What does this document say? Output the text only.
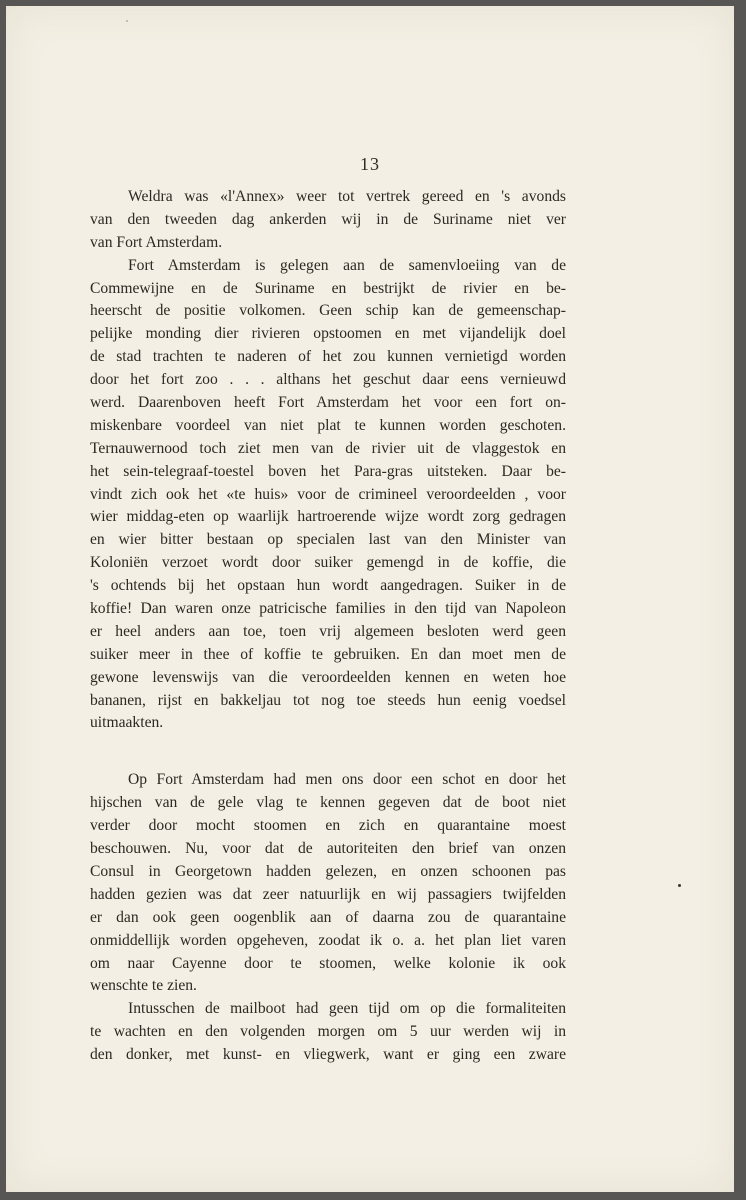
13
Weldra was «l'Annex» weer tot vertrek gereed en 's avonds
van den tweeden dag ankerden wij in de Suriname niet ver
van Fort Amsterdam.
Fort Amsterdam is gelegen aan de samenvloeiing van de
Commewijne en de Suriname en bestrijkt de rivier en be-
heerscht de positie volkomen. Geen schip kan de gemeenschap-
pelijke monding dier rivieren opstoomen en met vijandelijk doel
de stad trachten te naderen of het zou kunnen vernietigd worden
door het fort zoo . . . althans het geschut daar eens vernieuwd
werd. Daarenboven heeft Fort Amsterdam het voor een fort on-
miskenbare voordeel van niet plat te kunnen worden geschoten.
Ternauwernood toch ziet men van de rivier uit de vlaggestok en
het sein-telegraaf-toestel boven het Para-gras uitsteken. Daar be-
vindt zich ook het «te huis» voor de crimineel veroordeelden , voor
wier middag-eten op waarlijk hartroerende wijze wordt zorg gedragen
en wier bitter bestaan op specialen last van den Minister van
Koloniën verzoet wordt door suiker gemengd in de koffie, die
's ochtends bij het opstaan hun wordt aangedragen. Suiker in de
koffie! Dan waren onze patricische families in den tijd van Napoleon
er heel anders aan toe, toen vrij algemeen besloten werd geen
suiker meer in thee of koffie te gebruiken. En dan moet men de
gewone levenswijs van die veroordeelden kennen en weten hoe
bananen, rijst en bakkeljau tot nog toe steeds hun eenig voedsel
uitmaakten.
Op Fort Amsterdam had men ons door een schot en door het
hijschen van de gele vlag te kennen gegeven dat de boot niet
verder door mocht stoomen en zich en quarantaine moest
beschouwen. Nu, voor dat de autoriteiten den brief van onzen
Consul in Georgetown hadden gelezen, en onzen schoonen pas
hadden gezien was dat zeer natuurlijk en wij passagiers twijfelden
er dan ook geen oogenblik aan of daarna zou de quarantaine
onmiddellijk worden opgeheven, zoodat ik o. a. het plan liet varen
om naar Cayenne door te stoomen, welke kolonie ik ook
wenschte te zien.
Intusschen de mailboot had geen tijd om op die formaliteiten
te wachten en den volgenden morgen om 5 uur werden wij in
den donker, met kunst- en vliegwerk, want er ging een zware
